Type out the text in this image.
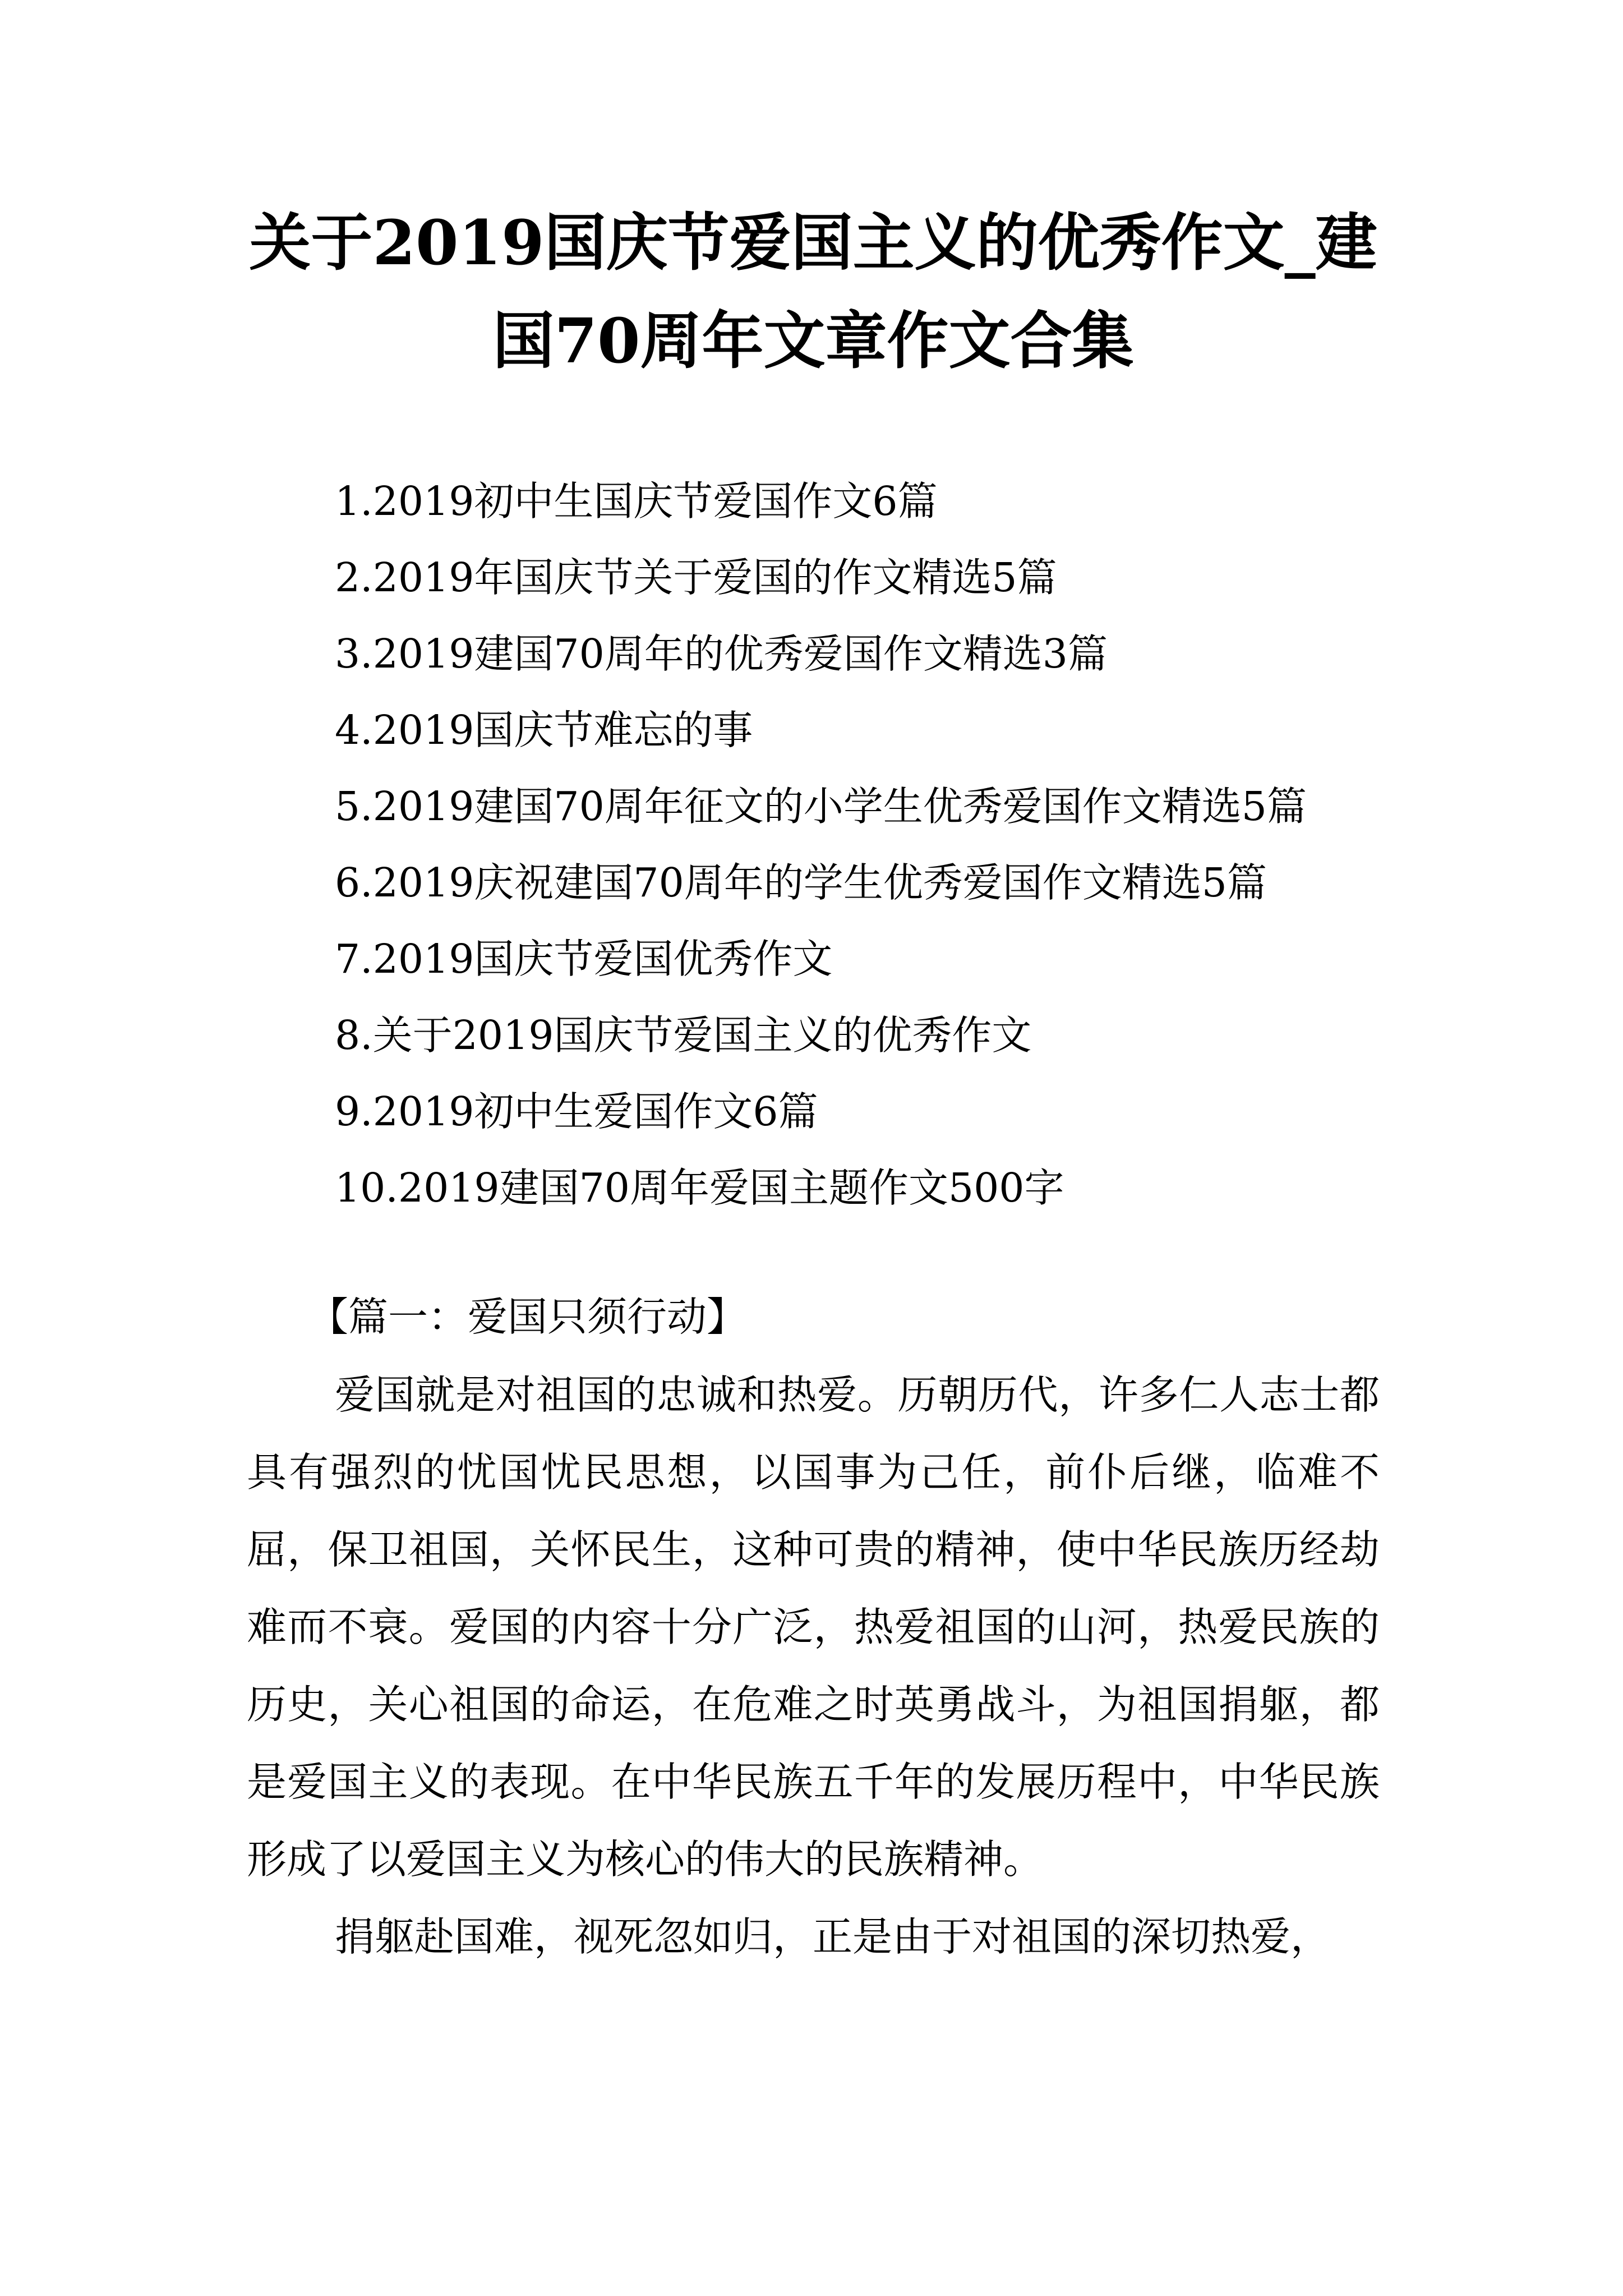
关于2019国庆节爱国主义的优秀作文_建国70周年文章作文合集
1.2019初中生国庆节爱国作文6篇
2.2019年国庆节关于爱国的作文精选5篇
3.2019建国70周年的优秀爱国作文精选3篇
4.2019国庆节难忘的事
5.2019建国70周年征文的小学生优秀爱国作文精选5篇
6.2019庆祝建国70周年的学生优秀爱国作文精选5篇
7.2019国庆节爱国优秀作文
8.关于2019国庆节爱国主义的优秀作文
9.2019初中生爱国作文6篇
10.2019建国70周年爱国主题作文500字
【篇一：爱国只须行动】

爱国就是对祖国的忠诚和热爱。历朝历代，许多仁人志士都具有强烈的忧国忧民思想，以国事为己任，前仆后继，临难不屈，保卫祖国，关怀民生，这种可贵的精神，使中华民族历经劫难而不衰。爱国的内容十分广泛，热爱祖国的山河，热爱民族的历史，关心祖国的命运，在危难之时英勇战斗，为祖国捐躯，都是爱国主义的表现。在中华民族五千年的发展历程中，中华民族形成了以爱国主义为核心的伟大的民族精神。

捐躯赴国难，视死忽如归，正是由于对祖国的深切热爱，
